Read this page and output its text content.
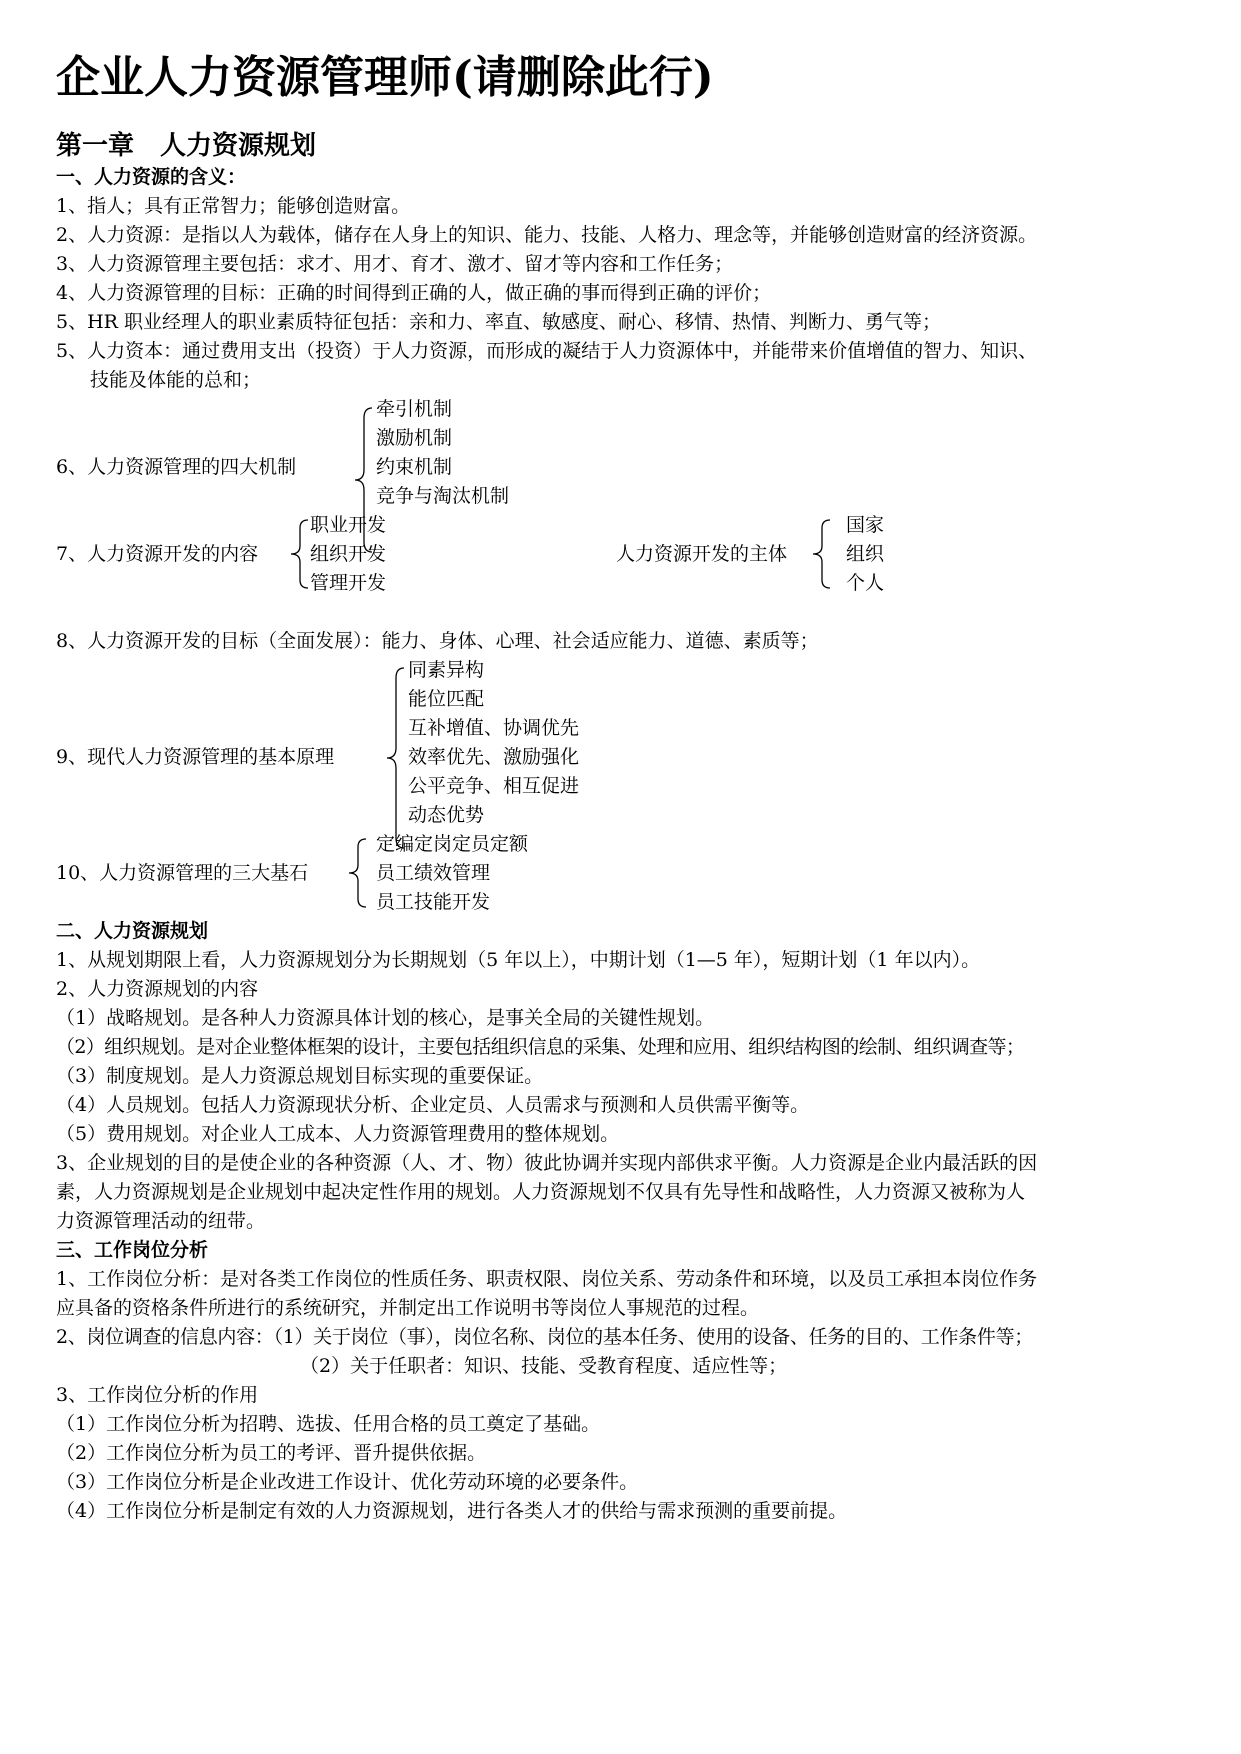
企业人力资源管理师(请删除此行)
第一章　人力资源规划
一、人力资源的含义：
1、指人；具有正常智力；能够创造财富。
2、人力资源：是指以人为载体，储存在人身上的知识、能力、技能、人格力、理念等，并能够创造财富的经济资源。
3、人力资源管理主要包括：求才、用才、育才、激才、留才等内容和工作任务；
4、人力资源管理的目标：正确的时间得到正确的人，做正确的事而得到正确的评价；
5、HR 职业经理人的职业素质特征包括：亲和力、率直、敏感度、耐心、移情、热情、判断力、勇气等；
5、人力资本：通过费用支出（投资）于人力资源，而形成的凝结于人力资源体中，并能带来价值增值的智力、知识、
技能及体能的总和；
6、人力资源管理的四大机制
牵引机制
激励机制
约束机制
竞争与淘汰机制
7、人力资源开发的内容
职业开发
组织开发
管理开发
人力资源开发的主体
国家
组织
个人
8、人力资源开发的目标（全面发展）：能力、身体、心理、社会适应能力、道德、素质等；
9、现代人力资源管理的基本原理
同素异构
能位匹配
互补增值、协调优先
效率优先、激励强化
公平竞争、相互促进
动态优势
10、人力资源管理的三大基石
定编定岗定员定额
员工绩效管理
员工技能开发
二、人力资源规划
1、从规划期限上看，人力资源规划分为长期规划（5 年以上），中期计划（1—5 年），短期计划（1 年以内）。
2、人力资源规划的内容
（1）战略规划。是各种人力资源具体计划的核心，是事关全局的关键性规划。
（2）组织规划。是对企业整体框架的设计，主要包括组织信息的采集、处理和应用、组织结构图的绘制、组织调查等；
（3）制度规划。是人力资源总规划目标实现的重要保证。
（4）人员规划。包括人力资源现状分析、企业定员、人员需求与预测和人员供需平衡等。
（5）费用规划。对企业人工成本、人力资源管理费用的整体规划。
3、企业规划的目的是使企业的各种资源（人、才、物）彼此协调并实现内部供求平衡。人力资源是企业内最活跃的因
素，人力资源规划是企业规划中起决定性作用的规划。人力资源规划不仅具有先导性和战略性，人力资源又被称为人
力资源管理活动的纽带。
三、工作岗位分析
1、工作岗位分析：是对各类工作岗位的性质任务、职责权限、岗位关系、劳动条件和环境，以及员工承担本岗位作务
应具备的资格条件所进行的系统研究，并制定出工作说明书等岗位人事规范的过程。
2、岗位调查的信息内容：（1）关于岗位（事），岗位名称、岗位的基本任务、使用的设备、任务的目的、工作条件等；
（2）关于任职者：知识、技能、受教育程度、适应性等；
3、工作岗位分析的作用
（1）工作岗位分析为招聘、选拔、任用合格的员工奠定了基础。
（2）工作岗位分析为员工的考评、晋升提供依据。
（3）工作岗位分析是企业改进工作设计、优化劳动环境的必要条件。
（4）工作岗位分析是制定有效的人力资源规划，进行各类人才的供给与需求预测的重要前提。
